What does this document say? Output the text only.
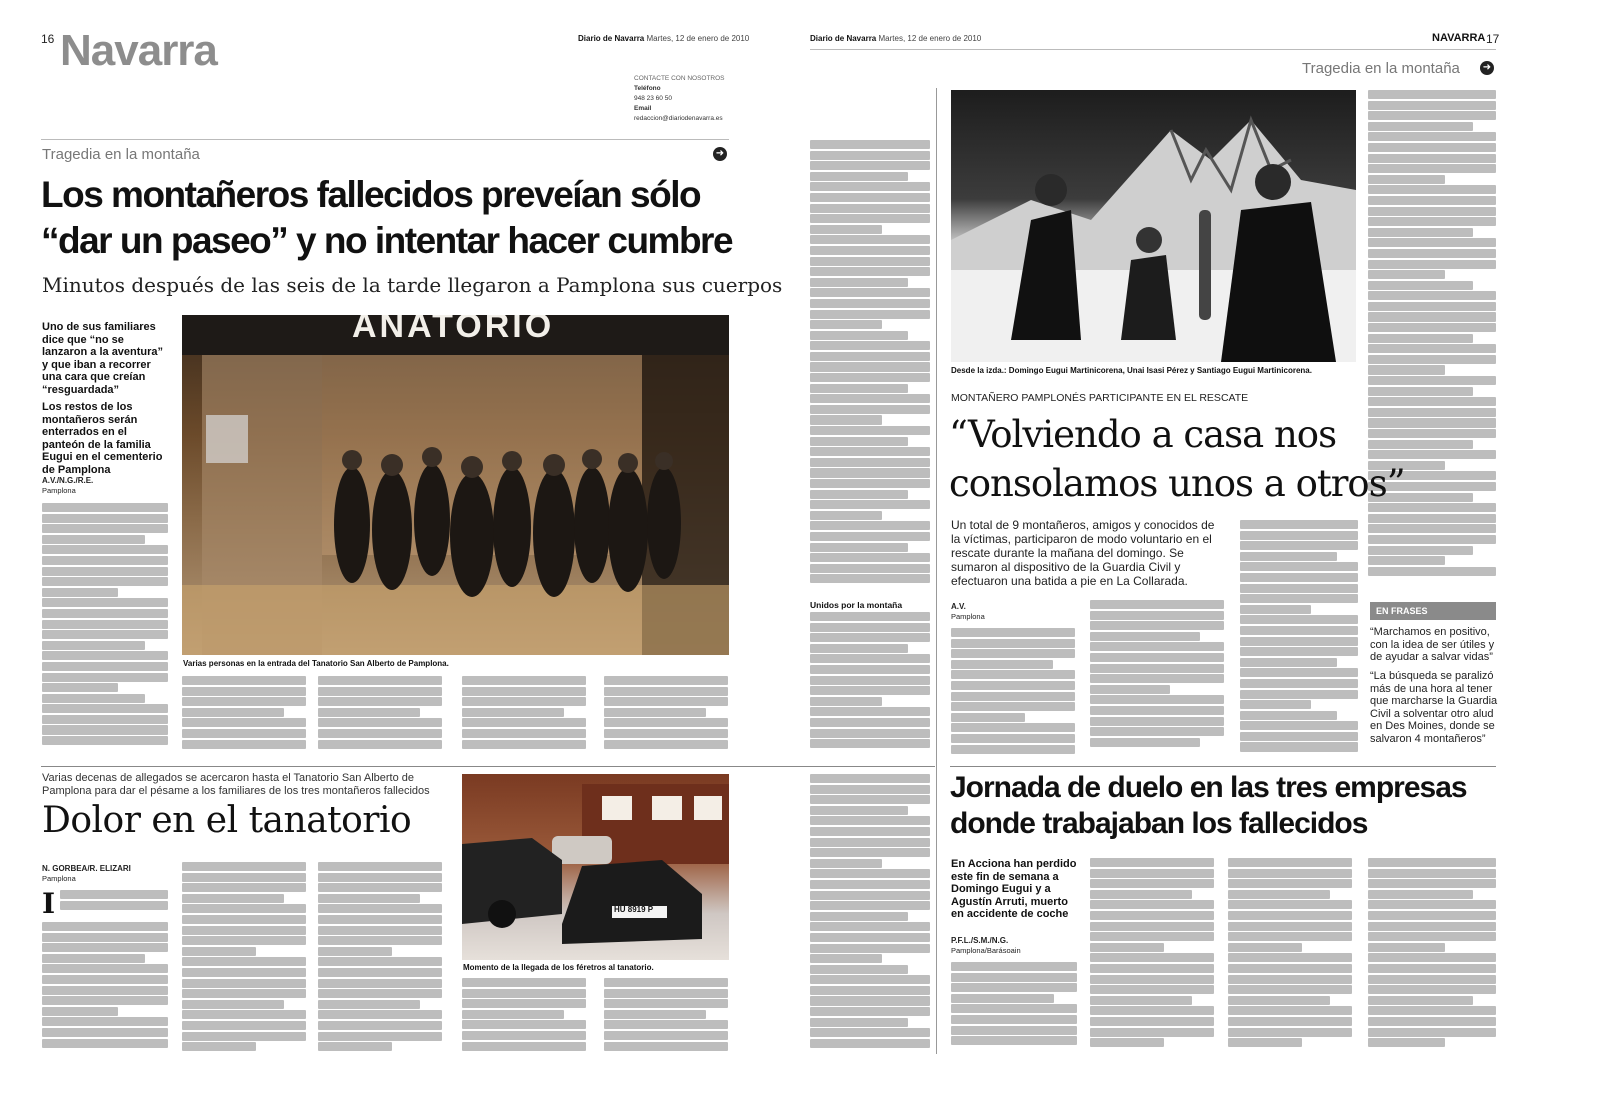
16 Navarra	Diario de Navarra Martes, 12 de enero de 2010
CONTACTE CON NOSOTROS
Teléfono
948 23 60 50
Email
redaccion@diariodenavarra.es
Tragedia en la montaña	➜
Los montañeros fallecidos preveían sólo
“dar un paseo” y no intentar hacer cumbre
Minutos después de las seis de la tarde llegaron a Pamplona sus cuerpos
Uno de sus familiares dice que “no se lanzaron a la aventura” y que iban a recorrer una cara que creían “resguardada”
Los restos de los montañeros serán enterrados en el panteón de la familia Eugui en el cementerio de Pamplona
A.V./N.G./R.E.
Pamplona
ANATORIO
Varias personas en la entrada del Tanatorio San Alberto de Pamplona.
Unidos por la montaña
Varias decenas de allegados se acercaron hasta el Tanatorio San Alberto de Pamplona para dar el pésame a los familiares de los tres montañeros fallecidos
Dolor en el tanatorio
N. GORBEA/R. ELIZARI
Pamplona
I	HU 8919 P
Momento de la llegada de los féretros al tanatorio.
Diario de Navarra Martes, 12 de enero de 2010	NAVARRA 17
Tragedia en la montaña ➜
Desde la izda.: Domingo Eugui Martinicorena, Unai Isasi Pérez y Santiago Eugui Martinicorena.
MONTAÑERO PAMPLONÉS PARTICIPANTE EN EL RESCATE
“Volviendo a casa nos
consolamos unos a otros”
Un total de 9 montañeros, amigos y conocidos de la víctimas, participaron de modo voluntario en el rescate durante la mañana del domingo. Se sumaron al dispositivo de la Guardia Civil y efectuaron una batida a pie en La Collarada.
A.V.
Pamplona
EN FRASES
“Marchamos en positivo, con la idea de ser útiles y de ayudar a salvar vidas”
“La búsqueda se paralizó más de una hora al tener que marcharse la Guardia Civil a solventar otro alud en Des Moines, donde se salvaron 4 montañeros”
Jornada de duelo en las tres empresas
donde trabajaban los fallecidos
En Acciona han perdido este fin de semana a Domingo Eugui y a Agustín Arruti, muerto en accidente de coche
P.F.L./S.M./N.G.
Pamplona/Barásoain
